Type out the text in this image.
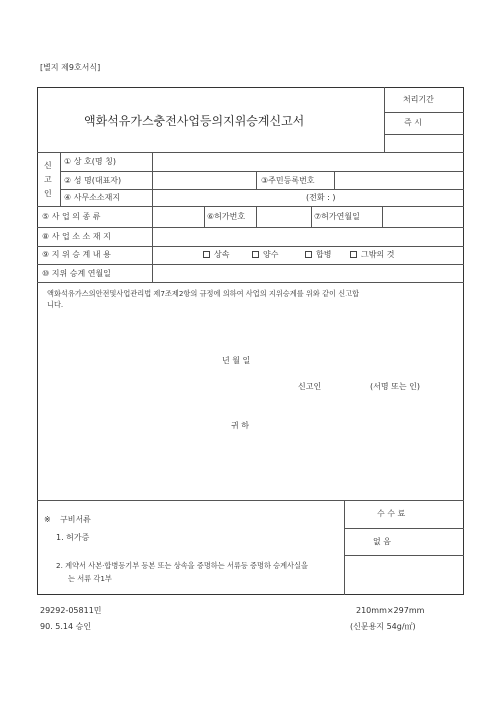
[별지 제9호서식]
액화석유가스충전사업등의지위승계신고서
처리기간
즉 시
신
고
인
① 상 호(명 칭)
② 성 명(대표자)	③주민등록번호
④ 사무소소재지	(전화 : )
⑤ 사 업 의 종 류	⑥허가번호	⑦허가연월일
⑧ 사 업 소 소 재 지
⑨ 지 위 승 계 내 용	상속	양수	합병	그밖의 것
⑩ 지위 승계 연월일
액화석유가스의안전및사업관리법 제7조제2항의 규정에 의하여 사업의 지위승계를 위와 같이 신고합
니다.
년 월 일
신고인	(서명 또는 인)
귀 하
※ 구비서류
1. 허가증
2. 계약서 사본·합병등기부 등본 또는 상속을 증명하는 서류등 증명하 승계사실을
는 서류 각1부
수 수 료
없 음
29292-05811민
90. 5.14 승인
210mm×297mm
(신문용지 54g/㎡)
